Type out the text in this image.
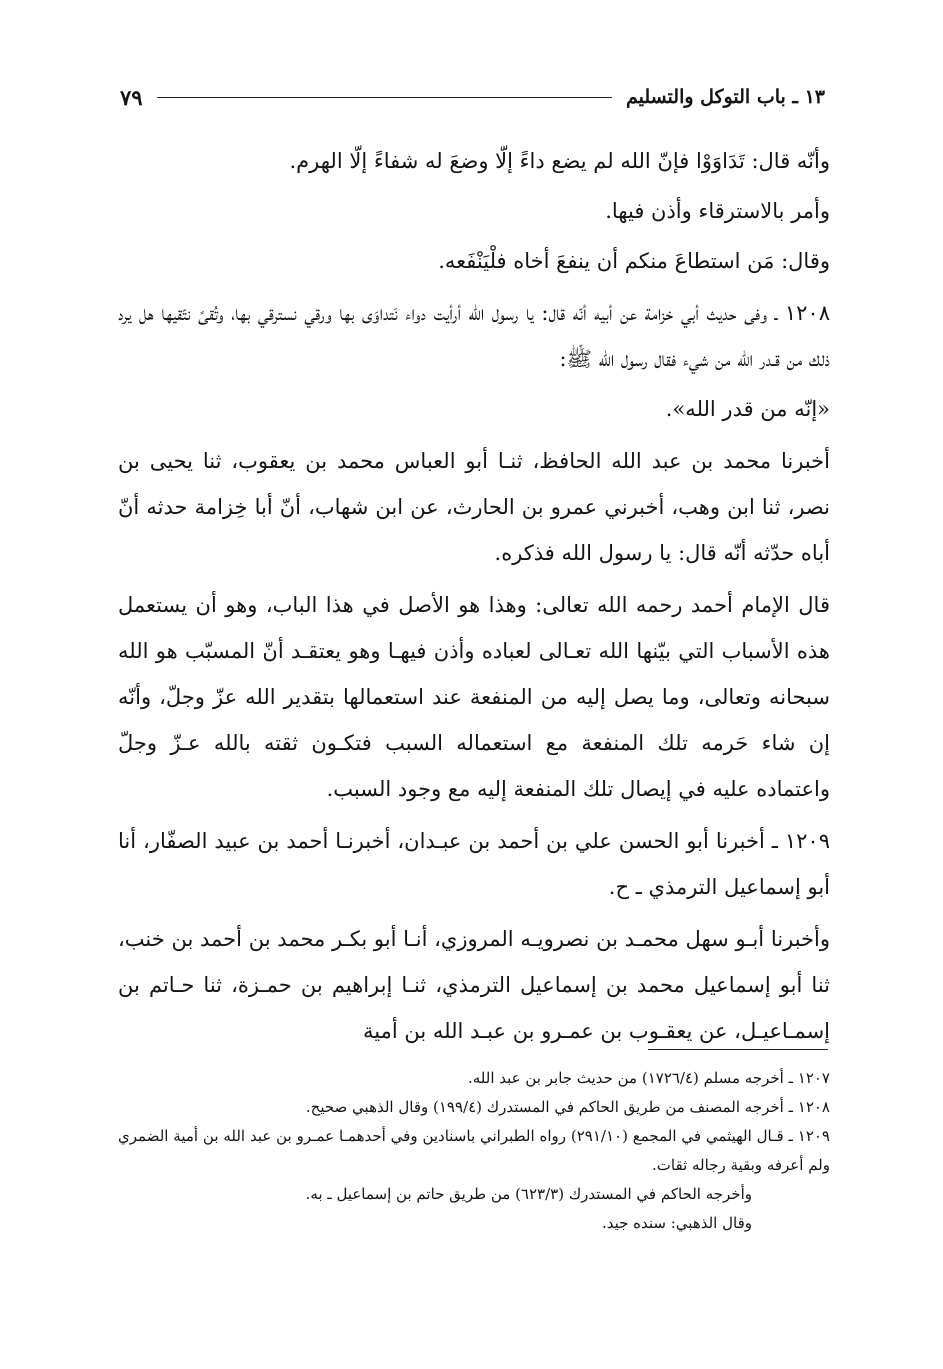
١٣ ـ باب التوكل والتسليم
٧٩

وأنّه قال: تَدَاوَوْا فإنّ الله لم يضع داءً إلّا وضعَ له شفاءً إلّا الهرم.

وأمر بالاسترقاء وأذن فيها.

وقال: مَن استطاعَ منكم أن ينفعَ أخاه فلْيَنْفَعه.

١٢٠٨ ـ وفى حديث أبي خزامة عن أبيه أنّه قال: يا رسول الله أرأيت دواء نَتداوَى بها ورقي نسترقي بها، وتُقىً نتّقيها هل يرد ذلك من قـدر الله من شيء فقال رسول الله ﷺ:

«إنّه من قدر الله».

أخبرنا محمد بن عبد الله الحافظ، ثنـا أبو العباس محمد بن يعقوب، ثنا يحيى بن نصر، ثنا ابن وهب، أخبرني عمرو بن الحارث، عن ابن شهاب، أنّ أبا خِزامة حدثه أنّ أباه حدّثه أنّه قال: يا رسول الله فذكره.

قال الإمام أحمد رحمه الله تعالى: وهذا هو الأصل في هذا الباب، وهو أن يستعمل هذه الأسباب التي بيّنها الله تعـالى لعباده وأذن فيهـا وهو يعتقـد أنّ المسبّب هو الله سبحانه وتعالى، وما يصل إليه من المنفعة عند استعمالها بتقدير الله عزّ وجلّ، وأنّه إن شاء حَرمه تلك المنفعة مع استعماله السبب فتكـون ثقته بالله عـزّ وجلّ واعتماده عليه في إيصال تلك المنفعة إليه مع وجود السبب.

١٢٠٩ ـ أخبرنا أبو الحسن علي بن أحمد بن عبـدان، أخبرنـا أحمد بن عبيد الصفّار، أنا أبو إسماعيل الترمذي ـ ح.

وأخبرنا أبـو سهل محمـد بن نصرويـه المروزي، أنـا أبو بكـر محمد بن أحمد بن خنب، ثنا أبو إسماعيل محمد بن إسماعيل الترمذي، ثنـا إبراهيم بن حمـزة، ثنا حـاتم بن إسمـاعيـل، عن يعقـوب بن عمـرو بن عبـد الله بن أمية

١٢٠٧ ـ أخرجه مسلم (١٧٢٦/٤) من حديث جابر بن عبد الله.

١٢٠٨ ـ أخرجه المصنف من طريق الحاكم في المستدرك (١٩٩/٤) وقال الذهبي صحيح.

١٢٠٩ ـ قـال الهيثمي في المجمع (٢٩١/١٠) رواه الطبراني باسنادين وفي أحدهمـا عمـرو بن عبد الله بن أمية الضمري ولم أعرفه وبقية رجاله ثقات.

وأخرجه الحاكم في المستدرك (٦٢٣/٣) من طريق حاتم بن إسماعيل ـ به.

وقال الذهبي: سنده جيد.
